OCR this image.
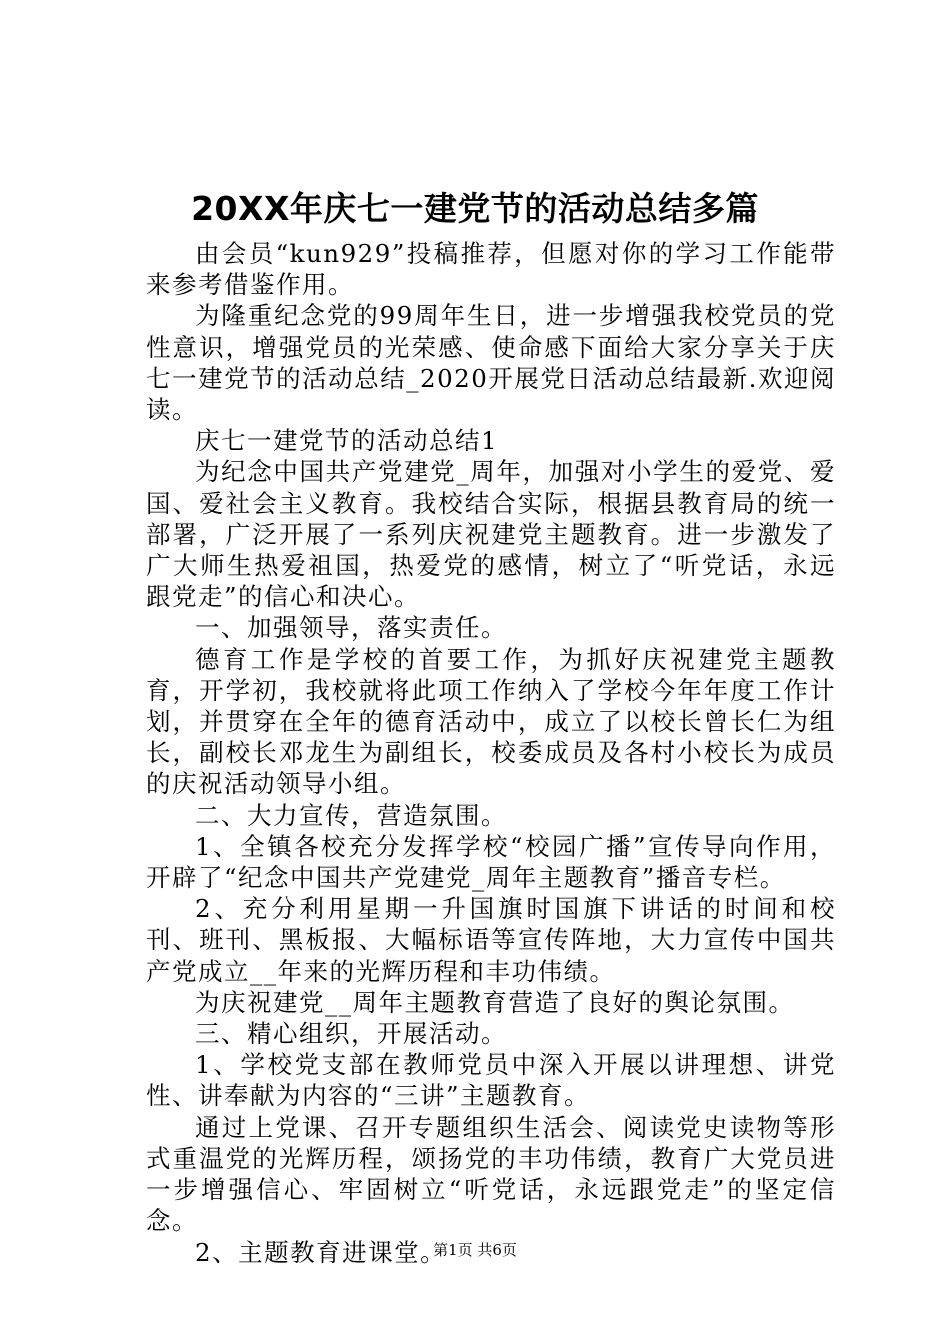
20XX年庆七一建党节的活动总结多篇

由会员“kun929”投稿推荐，但愿对你的学习工作能带来参考借鉴作用。

为隆重纪念党的99周年生日，进一步增强我校党员的党性意识，增强党员的光荣感、使命感下面给大家分享关于庆七一建党节的活动总结_2020开展党日活动总结最新.欢迎阅读。

庆七一建党节的活动总结1

为纪念中国共产党建党_周年，加强对小学生的爱党、爱国、爱社会主义教育。我校结合实际，根据县教育局的统一部署，广泛开展了一系列庆祝建党主题教育。进一步激发了广大师生热爱祖国，热爱党的感情，树立了“听党话，永远跟党走”的信心和决心。

一、加强领导，落实责任。

德育工作是学校的首要工作，为抓好庆祝建党主题教育，开学初，我校就将此项工作纳入了学校今年年度工作计划，并贯穿在全年的德育活动中，成立了以校长曾长仁为组长，副校长邓龙生为副组长，校委成员及各村小校长为成员的庆祝活动领导小组。

二、大力宣传，营造氛围。

1、全镇各校充分发挥学校“校园广播”宣传导向作用，开辟了“纪念中国共产党建党_周年主题教育”播音专栏。

2、充分利用星期一升国旗时国旗下讲话的时间和校刊、班刊、黑板报、大幅标语等宣传阵地，大力宣传中国共产党成立__年来的光辉历程和丰功伟绩。

为庆祝建党__周年主题教育营造了良好的舆论氛围。

三、精心组织，开展活动。

1、学校党支部在教师党员中深入开展以讲理想、讲党性、讲奉献为内容的“三讲”主题教育。

通过上党课、召开专题组织生活会、阅读党史读物等形式重温党的光辉历程，颂扬党的丰功伟绩，教育广大党员进一步增强信心、牢固树立“听党话，永远跟党走”的坚定信念。

2、主题教育进课堂。

第1页 共6页
